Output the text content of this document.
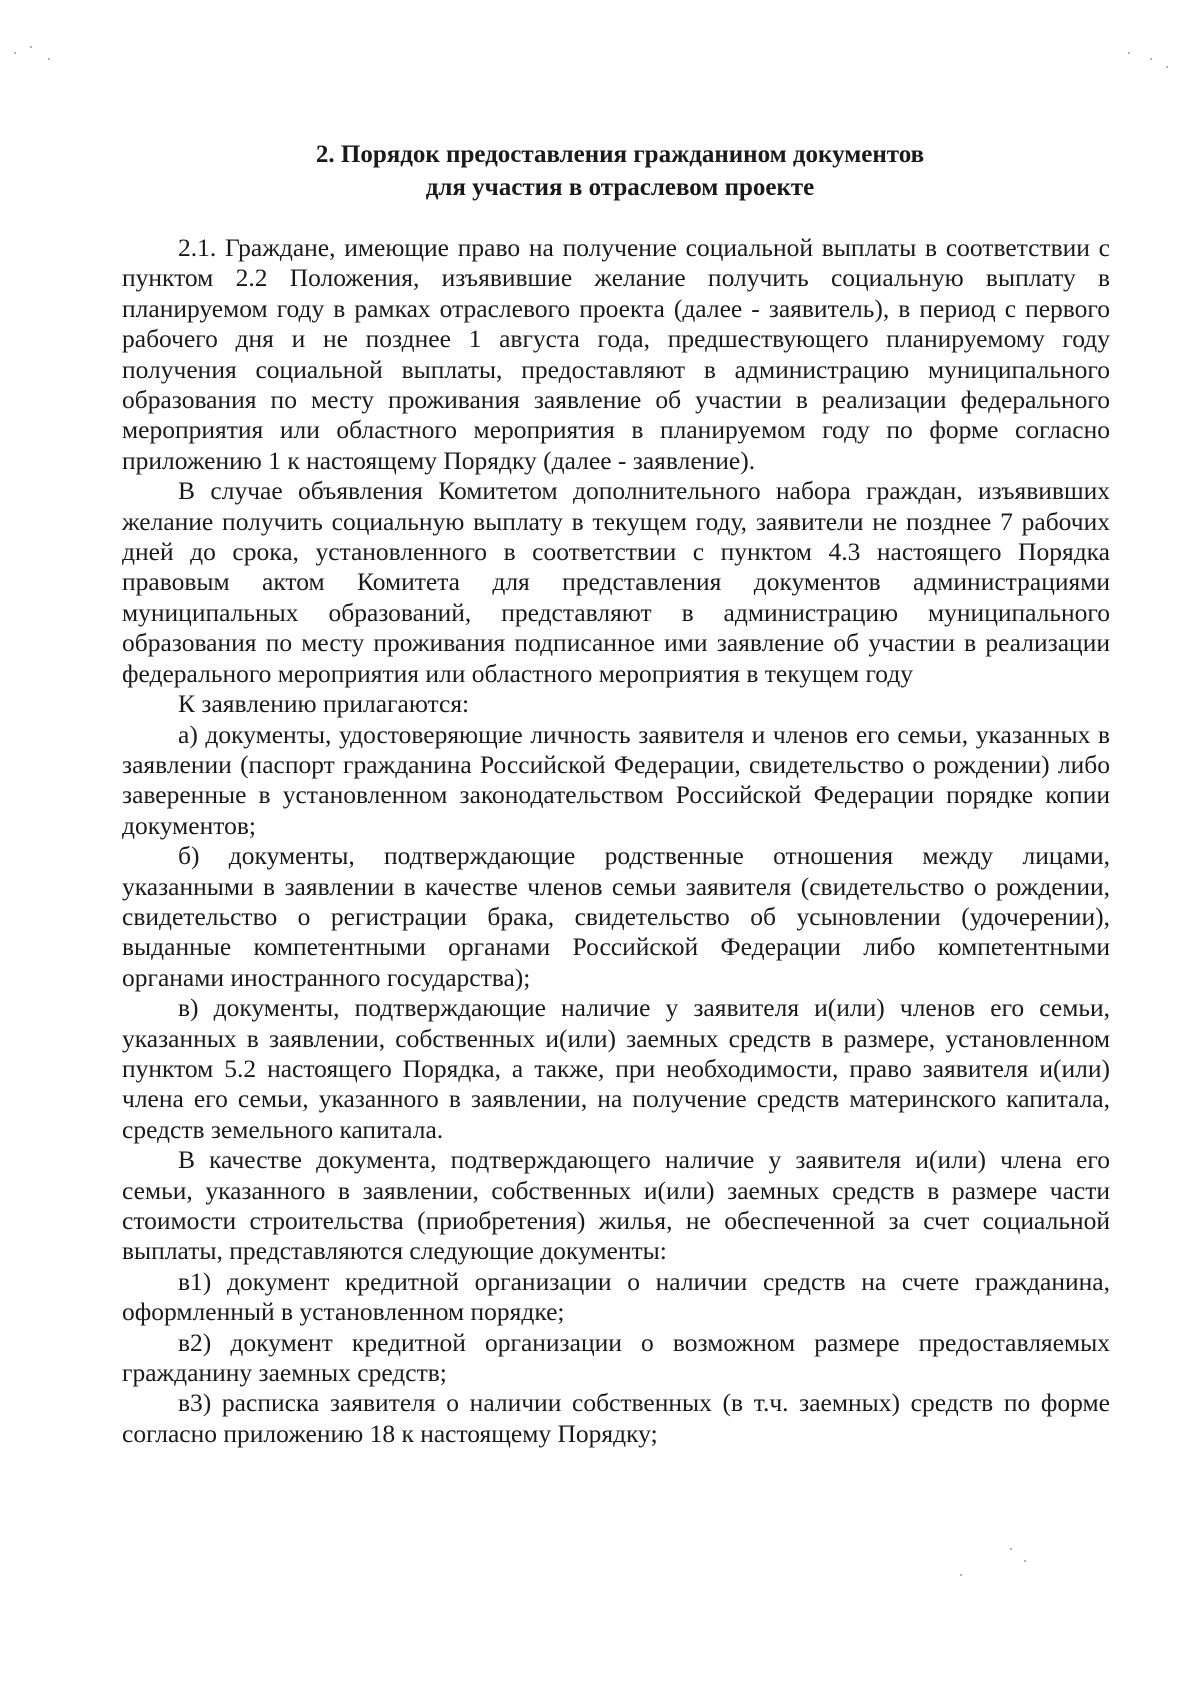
2. Порядок предоставления гражданином документов
для участия в отраслевом проекте

2.1. Граждане, имеющие право на получение социальной выплаты в соответствии с пунктом 2.2 Положения, изъявившие желание получить социальную выплату в планируемом году в рамках отраслевого проекта (далее - заявитель), в период с первого рабочего дня и не позднее 1 августа года, предшествующего планируемому году получения социальной выплаты, предоставляют в администрацию муниципального образования по месту проживания заявление об участии в реализации федерального мероприятия или областного мероприятия в планируемом году по форме согласно приложению 1 к настоящему Порядку (далее - заявление).

В случае объявления Комитетом дополнительного набора граждан, изъявивших желание получить социальную выплату в текущем году, заявители не позднее 7 рабочих дней до срока, установленного в соответствии с пунктом 4.3 настоящего Порядка правовым актом Комитета для представления документов администрациями муниципальных образований, представляют в администрацию муниципального образования по месту проживания подписанное ими заявление об участии в реализации федерального мероприятия или областного мероприятия в текущем году

К заявлению прилагаются:

а) документы, удостоверяющие личность заявителя и членов его семьи, указанных в заявлении (паспорт гражданина Российской Федерации, свидетельство о рождении) либо заверенные в установленном законодательством Российской Федерации порядке копии документов;

б) документы, подтверждающие родственные отношения между лицами, указанными в заявлении в качестве членов семьи заявителя (свидетельство о рождении, свидетельство о регистрации брака, свидетельство об усыновлении (удочерении), выданные компетентными органами Российской Федерации либо компетентными органами иностранного государства);

в) документы, подтверждающие наличие у заявителя и(или) членов его семьи, указанных в заявлении, собственных и(или) заемных средств в размере, установленном пунктом 5.2 настоящего Порядка, а также, при необходимости, право заявителя и(или) члена его семьи, указанного в заявлении, на получение средств материнского капитала, средств земельного капитала.

В качестве документа, подтверждающего наличие у заявителя и(или) члена его семьи, указанного в заявлении, собственных и(или) заемных средств в размере части стоимости строительства (приобретения) жилья, не обеспеченной за счет социальной выплаты, представляются следующие документы:

в1) документ кредитной организации о наличии средств на счете гражданина, оформленный в установленном порядке;

в2) документ кредитной организации о возможном размере предоставляемых гражданину заемных средств;

в3) расписка заявителя о наличии собственных (в т.ч. заемных) средств по форме согласно приложению 18 к настоящему Порядку;
